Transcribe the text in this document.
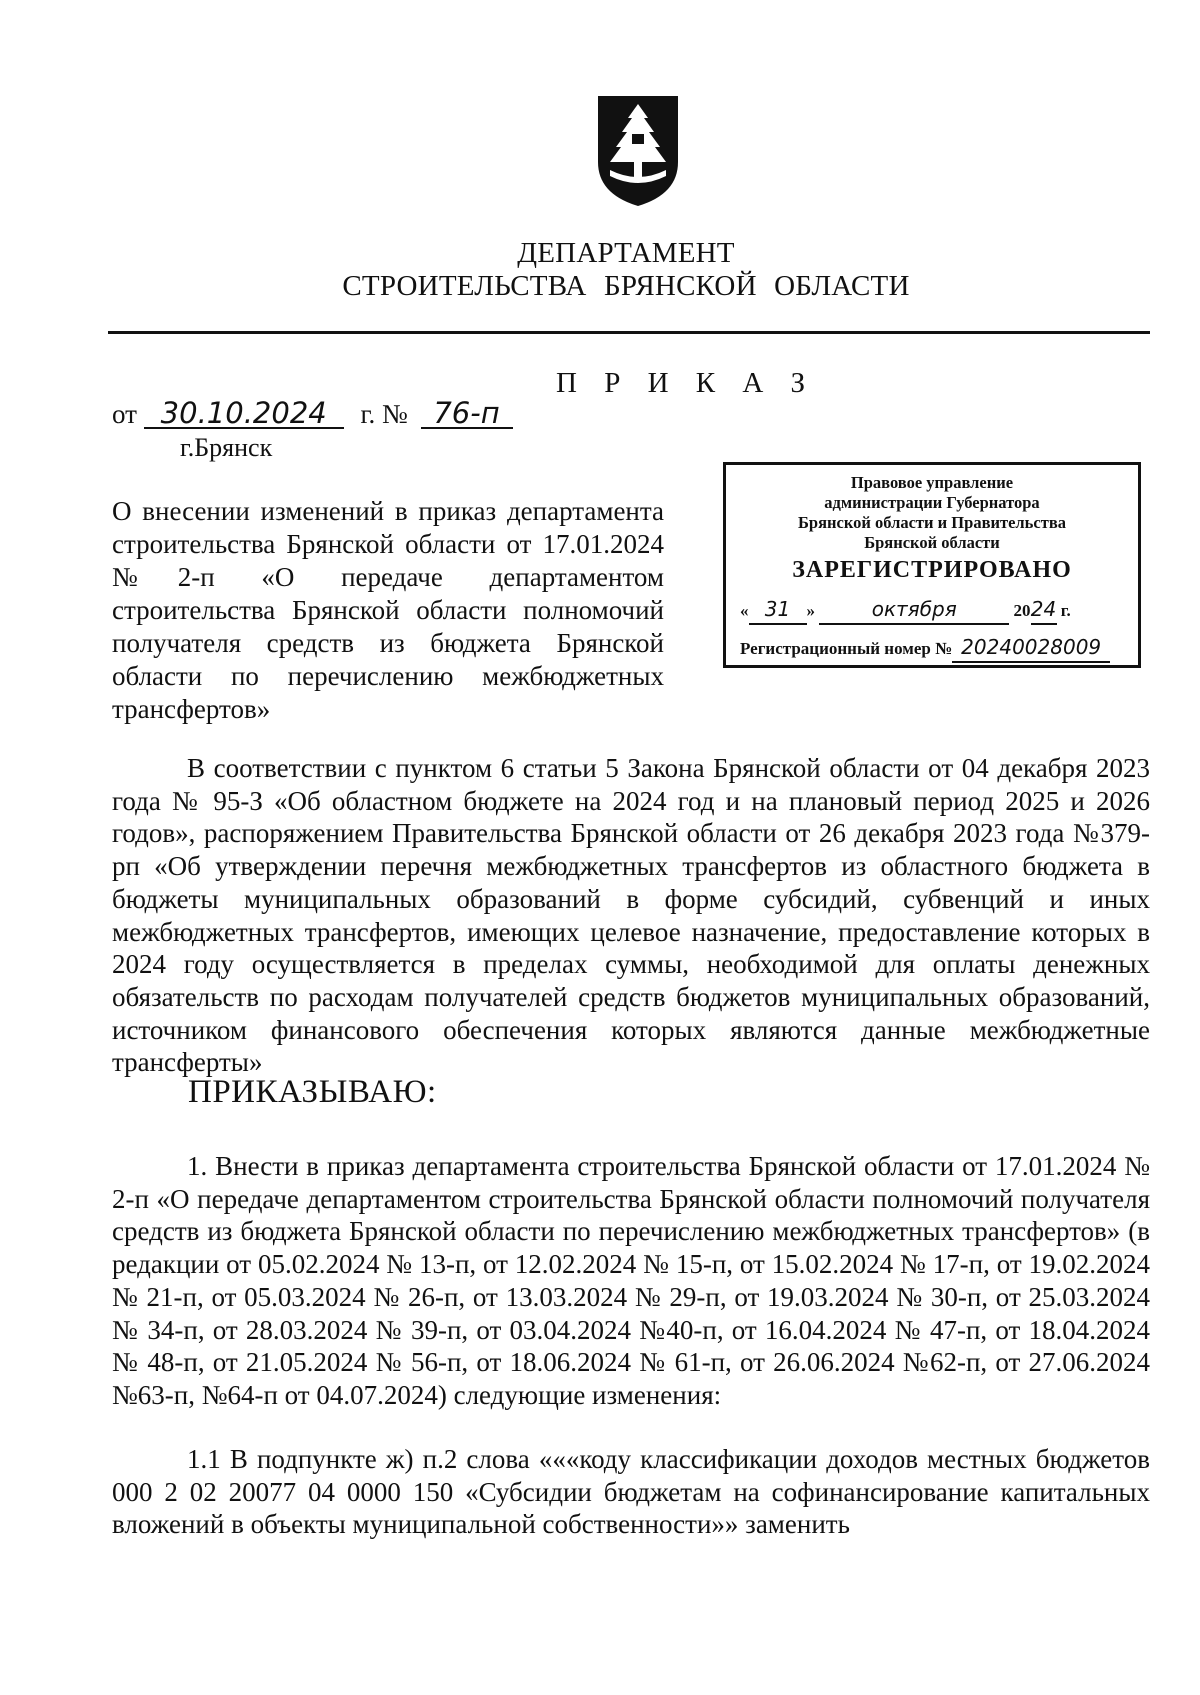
ДЕПАРТАМЕНТ
СТРОИТЕЛЬСТВА БРЯНСКОЙ ОБЛАСТИ
П Р И К А З
от 30.10.2024 г. № 76-п
г.Брянск
О внесении изменений в приказ департамента строительства Брянской области от 17.01.2024 №2-п «О передаче департаментом строительства Брянской области полномочий получателя средств из бюджета Брянской области по перечислению межбюджетных трансфертов»
Правовое управление
администрации Губернатора
Брянской области и Правительства
Брянской области
ЗАРЕГИСТРИРОВАНО
« 31 »	октября	2024 г.
Регистрационный номер № 20240028009
В соответствии с пунктом 6 статьи 5 Закона Брянской области от 04 декабря 2023 года № 95-З «Об областном бюджете на 2024 год и на плановый период 2025 и 2026 годов», распоряжением Правительства Брянской области от 26 декабря 2023 года №379-рп «Об утверждении перечня межбюджетных трансфертов из областного бюджета в бюджеты муниципальных образований в форме субсидий, субвенций и иных межбюджетных трансфертов, имеющих целевое назначение, предоставление которых в 2024 году осуществляется в пределах суммы, необходимой для оплаты денежных обязательств по расходам получателей средств бюджетов муниципальных образований, источником финансового обеспечения которых являются данные межбюджетные трансферты»
ПРИКАЗЫВАЮ:
1. Внести в приказ департамента строительства Брянской области от 17.01.2024 № 2-п «О передаче департаментом строительства Брянской области полномочий получателя средств из бюджета Брянской области по перечислению межбюджетных трансфертов» (в редакции от 05.02.2024 № 13-п, от 12.02.2024 № 15-п, от 15.02.2024 № 17-п, от 19.02.2024 № 21-п, от 05.03.2024 № 26-п, от 13.03.2024 № 29-п, от 19.03.2024 № 30-п, от 25.03.2024 № 34-п, от 28.03.2024 № 39-п, от 03.04.2024 №40-п, от 16.04.2024 № 47-п, от 18.04.2024 № 48-п, от 21.05.2024 № 56-п, от 18.06.2024 № 61-п, от 26.06.2024 №62-п, от 27.06.2024 №63-п, №64-п от 04.07.2024) следующие изменения:
1.1 В подпункте ж) п.2 слова «««коду классификации доходов местных бюджетов 000 2 02 20077 04 0000 150 «Субсидии бюджетам на софинансирование капитальных вложений в объекты муниципальной собственности»» заменить
